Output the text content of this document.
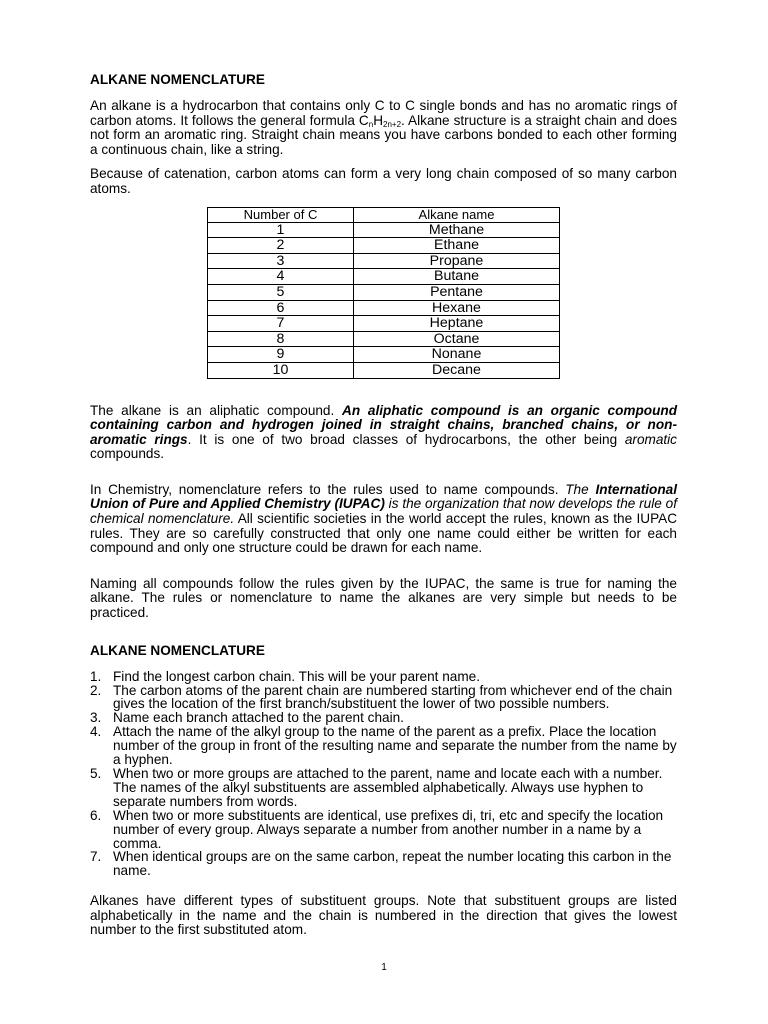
ALKANE NOMENCLATURE

An alkane is a hydrocarbon that contains only C to C single bonds and has no aromatic rings of carbon atoms. It follows the general formula $C_nH_{2n+2}$. Alkane structure is a straight chain and does not form an aromatic ring. Straight chain means you have carbons bonded to each other forming a continuous chain, like a string.

Because of catenation, carbon atoms can form a very long chain composed of so many carbon atoms.

Number of C	Alkane name
1	Methane
2	Ethane
3	Propane
4	Butane
5	Pentane
6	Hexane
7	Heptane
8	Octane
9	Nonane
10	Decane

The alkane is an aliphatic compound. An aliphatic compound is an organic compound containing carbon and hydrogen joined in straight chains, branched chains, or non-aromatic rings. It is one of two broad classes of hydrocarbons, the other being aromatic compounds.

In Chemistry, nomenclature refers to the rules used to name compounds. The International Union of Pure and Applied Chemistry (IUPAC) is the organization that now develops the rule of chemical nomenclature. All scientific societies in the world accept the rules, known as the IUPAC rules. They are so carefully constructed that only one name could either be written for each compound and only one structure could be drawn for each name.

Naming all compounds follow the rules given by the IUPAC, the same is true for naming the alkane. The rules or nomenclature to name the alkanes are very simple but needs to be practiced.

ALKANE NOMENCLATURE
1. Find the longest carbon chain. This will be your parent name.
2. The carbon atoms of the parent chain are numbered starting from whichever end of the chain gives the location of the first branch/substituent the lower of two possible numbers.
3. Name each branch attached to the parent chain.
4. Attach the name of the alkyl group to the name of the parent as a prefix. Place the location number of the group in front of the resulting name and separate the number from the name by a hyphen.
5. When two or more groups are attached to the parent, name and locate each with a number. The names of the alkyl substituents are assembled alphabetically. Always use hyphen to separate numbers from words.
6. When two or more substituents are identical, use prefixes di, tri, etc and specify the location number of every group. Always separate a number from another number in a name by a comma.
7. When identical groups are on the same carbon, repeat the number locating this carbon in the name.

Alkanes have different types of substituent groups. Note that substituent groups are listed alphabetically in the name and the chain is numbered in the direction that gives the lowest number to the first substituted atom.

1
